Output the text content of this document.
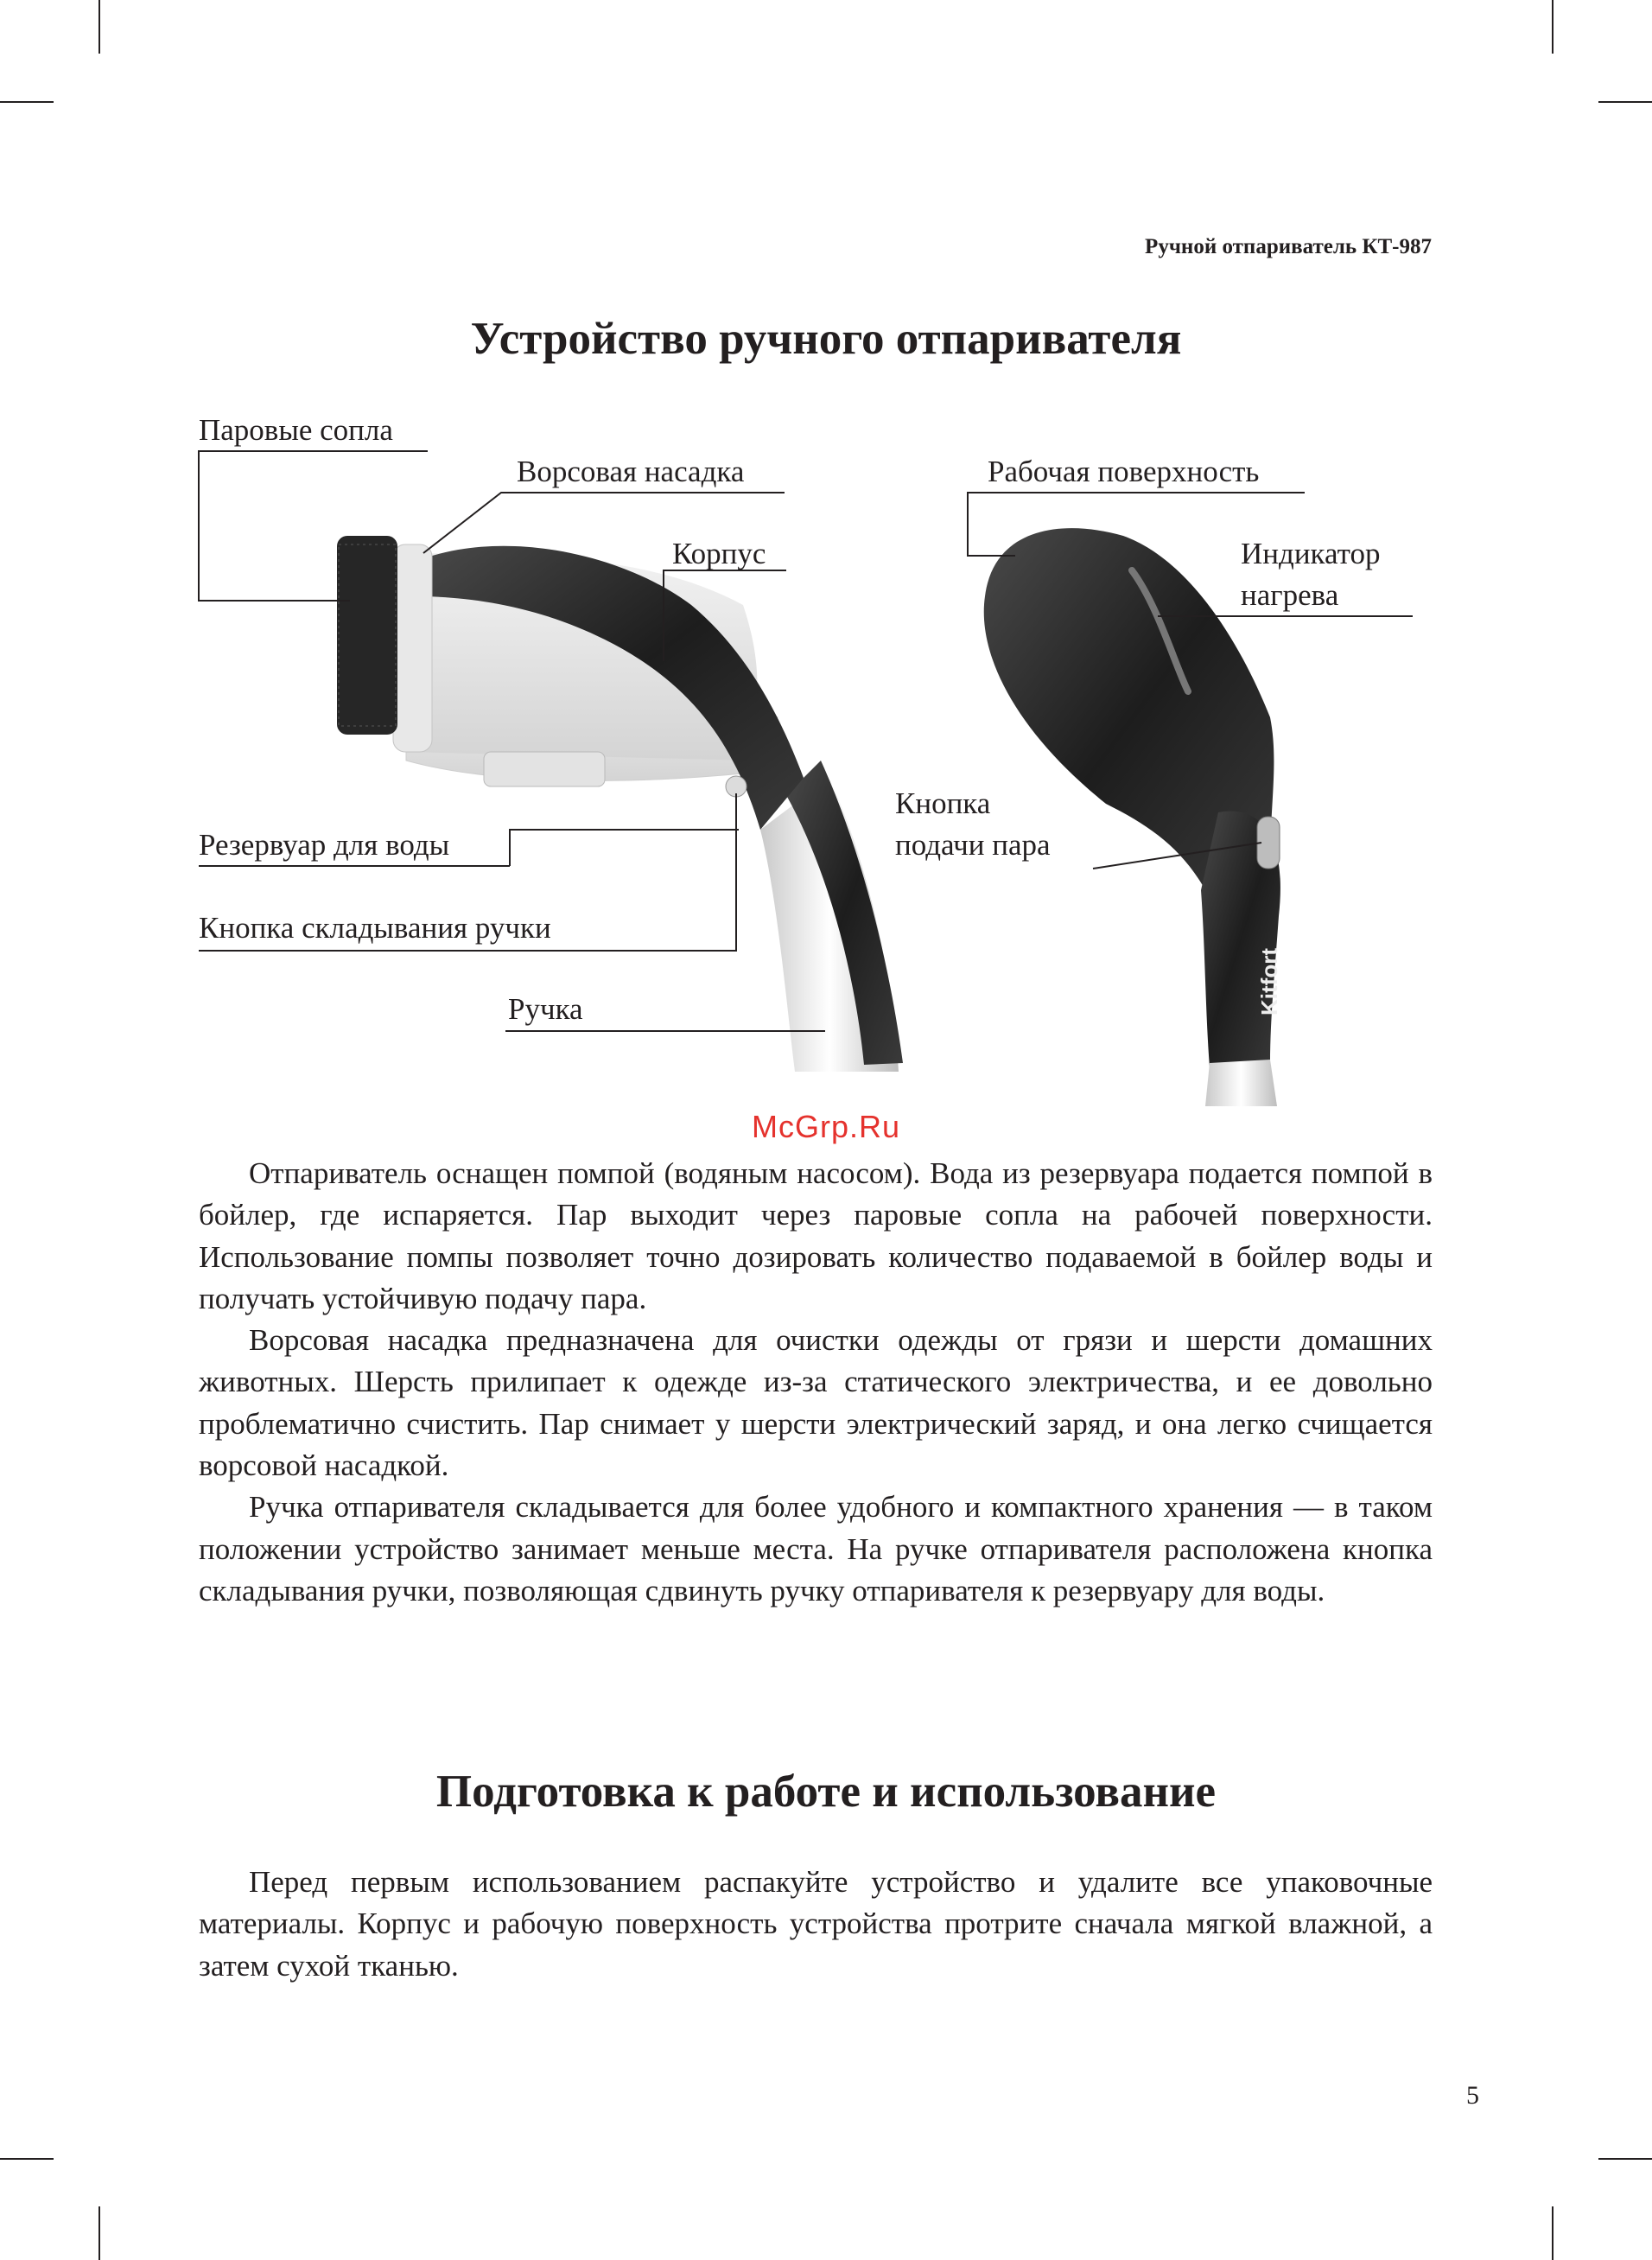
Ручной отпариватель КТ-987
Устройство ручного отпаривателя
Kitfort
Паровые сопла
Ворсовая насадка
Корпус
Резервуар для воды
Кнопка складывания ручки
Ручка
Рабочая поверхность
Индикатор
нагрева
Кнопка
подачи пара
McGrp.Ru

Отпариватель оснащен помпой (водяным насосом). Вода из резервуара подается помпой в бойлер, где испаряется. Пар выходит через паровые сопла на рабочей поверхности. Использование помпы позволяет точно дозировать количество подаваемой в бойлер воды и получать устойчивую подачу пара.

Ворсовая насадка предназначена для очистки одежды от грязи и шерсти домашних животных. Шерсть прилипает к одежде из-за статического электричества, и ее довольно проблематично счистить. Пар снимает у шерсти электрический заряд, и она легко счищается ворсовой насадкой.

Ручка отпаривателя складывается для более удобного и компактного хранения — в таком положении устройство занимает меньше места. На ручке отпаривателя расположена кнопка складывания ручки, позволяющая сдвинуть ручку отпаривателя к резервуару для воды.

Подготовка к работе и использование

Перед первым использованием распакуйте устройство и удалите все упаковочные материалы. Корпус и рабочую поверхность устройства протрите сначала мягкой влажной, а затем сухой тканью.

5
